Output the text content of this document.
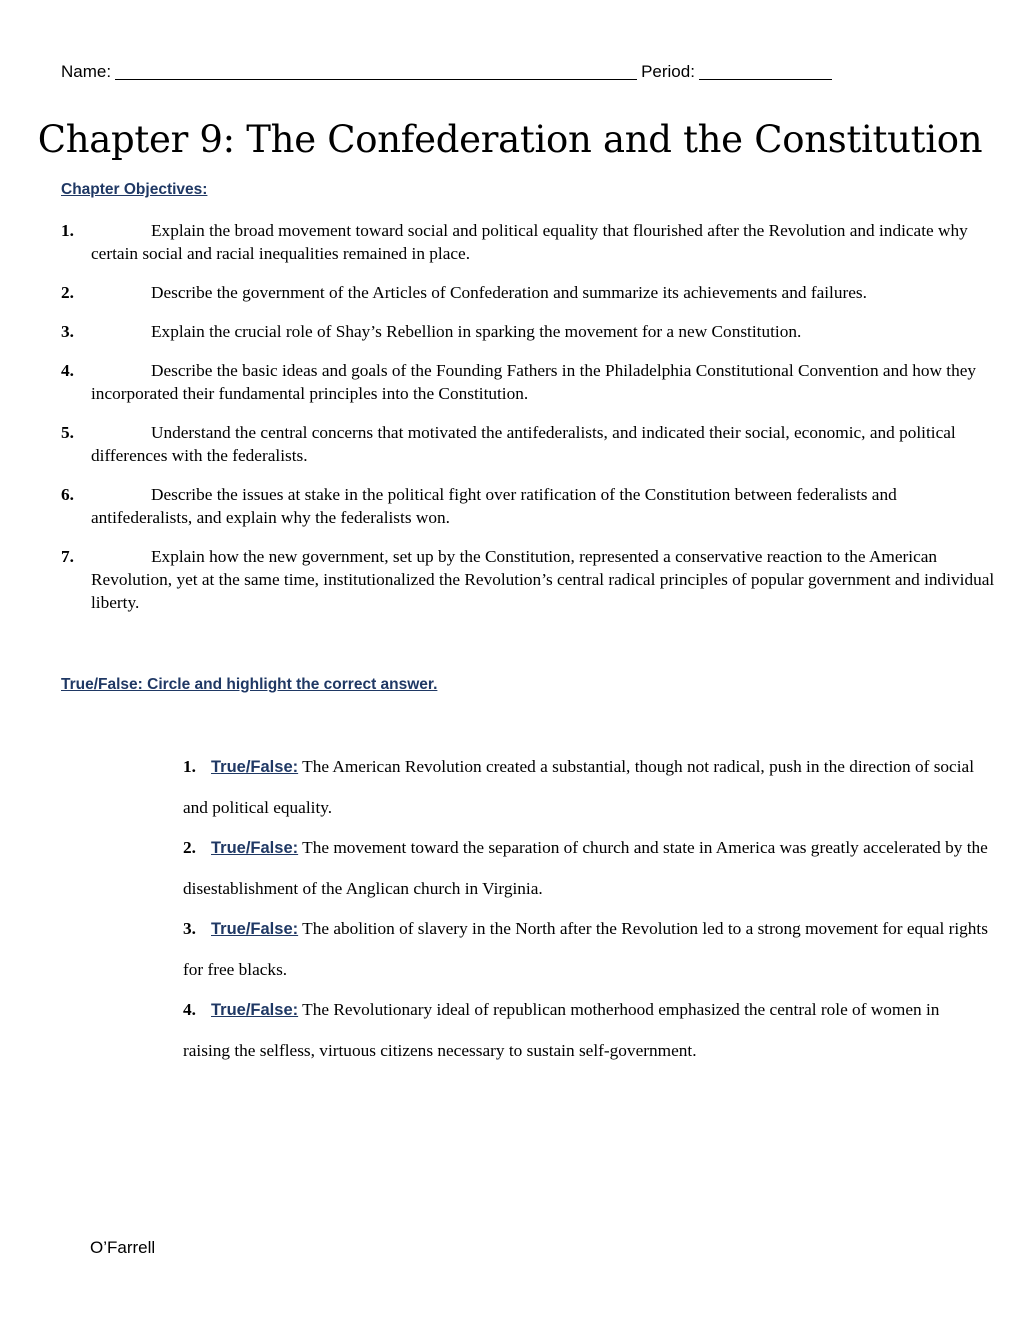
Name:	Period:
Chapter 9: The Confederation and the Constitution
Chapter Objectives:

1.	Explain the broad movement toward social and political equality that flourished after the Revolution and indicate why certain social and racial inequalities remained in place.

2.	Describe the government of the Articles of Confederation and summarize its achievements and failures.

3.	Explain the crucial role of Shay’s Rebellion in sparking the movement for a new Constitution.

4.	Describe the basic ideas and goals of the Founding Fathers in the Philadelphia Constitutional Convention and how they incorporated their fundamental principles into the Constitution.

5.	Understand the central concerns that motivated the antifederalists, and indicated their social, economic, and political differences with the federalists.

6.	Describe the issues at stake in the political fight over ratification of the Constitution between federalists and antifederalists, and explain why the federalists won.

7.	Explain how the new government, set up by the Constitution, represented a conservative reaction to the American Revolution, yet at the same time, institutionalized the Revolution’s central radical principles of popular government and individual liberty.

True/False: Circle and highlight the correct answer.
1. True/False: The American Revolution created a substantial, though not radical, push in the direction of social
and political equality.
2. True/False: The movement toward the separation of church and state in America was greatly accelerated by the
disestablishment of the Anglican church in Virginia.
3. True/False: The abolition of slavery in the North after the Revolution led to a strong movement for equal rights
for free blacks.
4. True/False: The Revolutionary ideal of republican motherhood emphasized the central role of women in
raising the selfless, virtuous citizens necessary to sustain self-government.
O’Farrell
